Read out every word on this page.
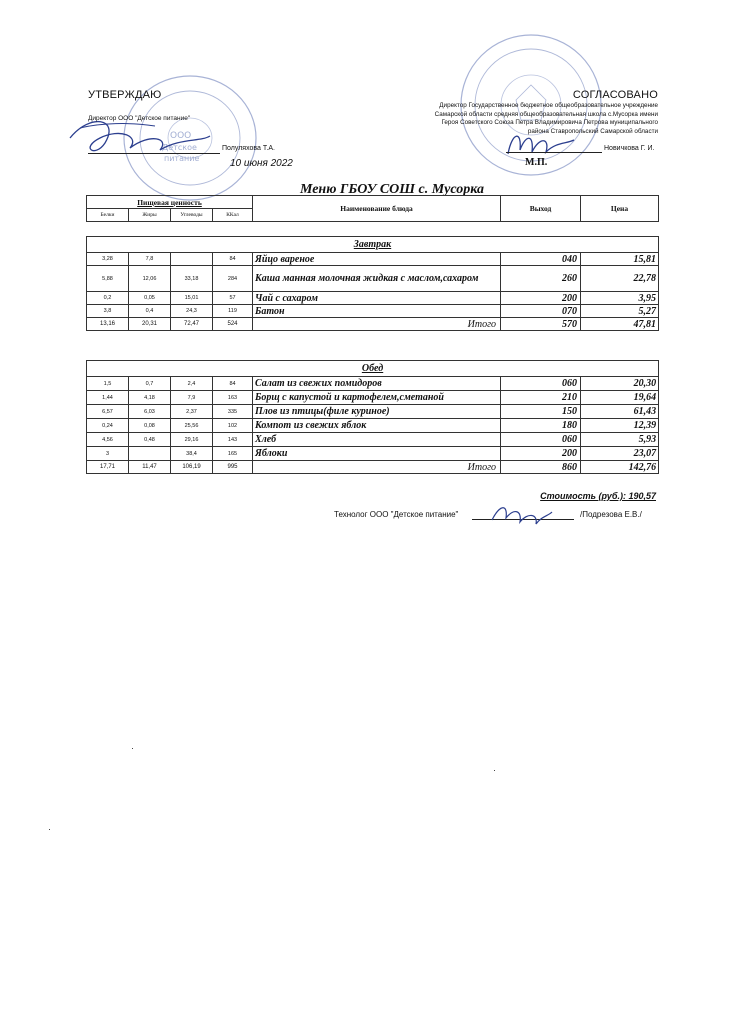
ООО
Детское
питание
УТВЕРЖДАЮ
Директор ООО "Детское питание"
Полуляхова Т.А.
10 июня 2022
СОГЛАСОВАНО
Директор Государственное бюджетное общеобразовательное учреждение
Самарской области средняя общеобразовательная школа с.Мусорка имени
Героя Советского Союза Петра Владимировича Петрова муниципального
района Ставропольский Самарской области
Новичкова Г. И.
М.П.
Меню ГБОУ СОШ с. Мусорка
Пищевая ценность				Наименование блюда	Выход	Цена
Белки	Жиры	Углеводы	ККал			
Завтрак						
3,28	7,8		84	Яйцо вареное	040	15,81
5,88	12,06	33,18	284	Каша манная молочная жидкая с маслом,сахаром	260	22,78
0,2	0,05	15,01	57	Чай с сахаром	200	3,95
3,8	0,4	24,3	119	Батон	070	5,27
13,16	20,31	72,47	524	Итого	570	47,81
Обед						
1,5	0,7	2,4	84	Салат из свежих помидоров	060	20,30
1,44	4,18	7,9	163	Борщ с капустой и картофелем,сметаной	210	19,64
6,57	6,03	2,37	335	Плов из птицы(филе куриное)	150	61,43
0,24	0,08	25,56	102	Компот из свежих яблок	180	12,39
4,56	0,48	29,16	143	Хлеб	060	5,93
3		38,4	165	Яблоки	200	23,07
17,71	11,47	106,19	995	Итого	860	142,76
Стоимость (руб.): 190,57
Технолог ООО "Детское питание"	/Подрезова Е.В./
